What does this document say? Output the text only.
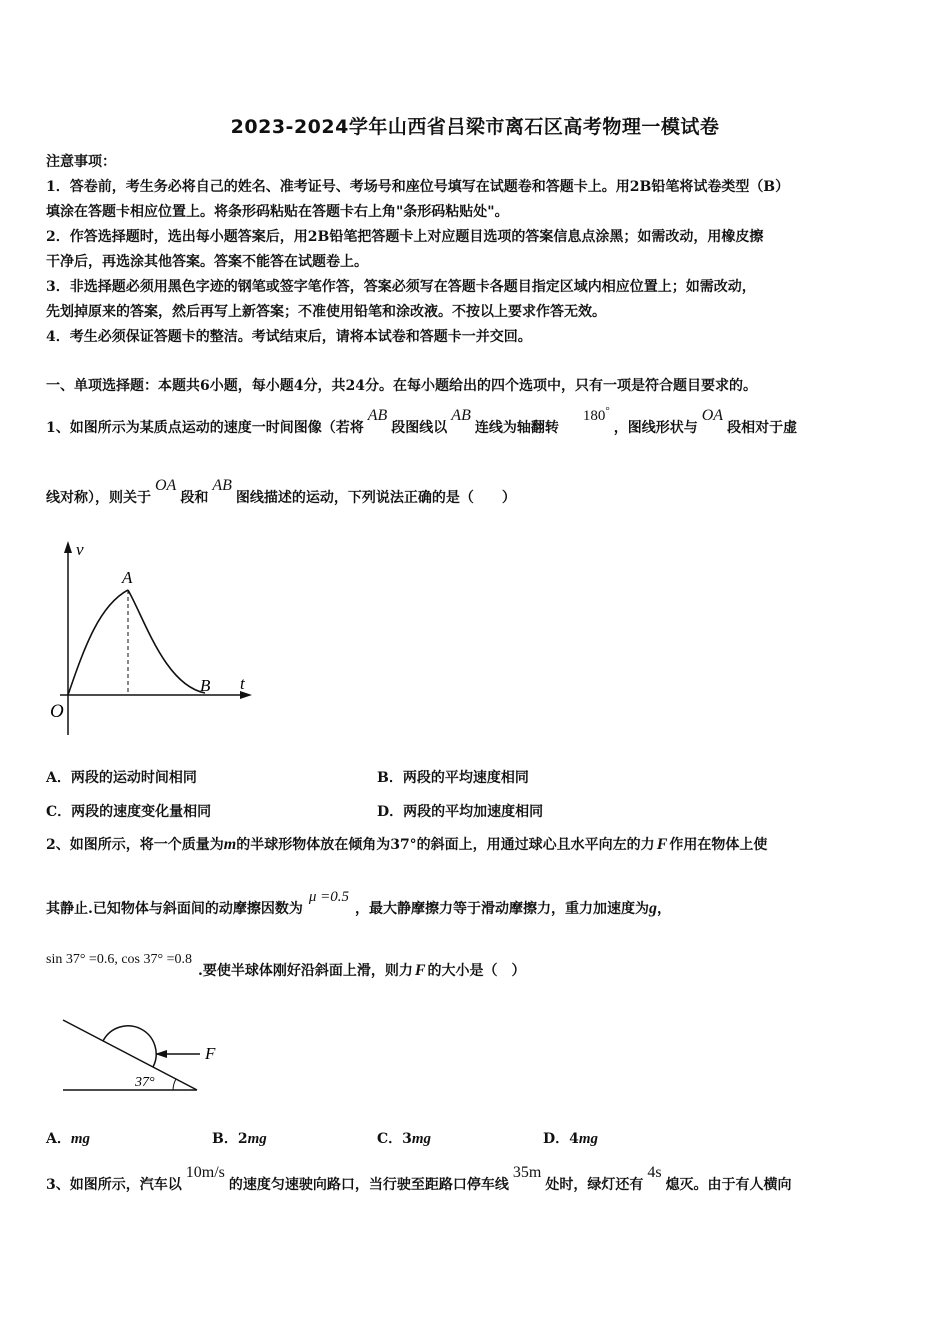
2023-2024学年山西省吕梁市离石区高考物理一模试卷
注意事项：
1．答卷前，考生务必将自己的姓名、准考证号、考场号和座位号填写在试题卷和答题卡上。用2B铅笔将试卷类型（B）
填涂在答题卡相应位置上。将条形码粘贴在答题卡右上角"条形码粘贴处"。
2．作答选择题时，选出每小题答案后，用2B铅笔把答题卡上对应题目选项的答案信息点涂黑；如需改动，用橡皮擦
干净后，再选涂其他答案。答案不能答在试题卷上。
3．非选择题必须用黑色字迹的钢笔或签字笔作答，答案必须写在答题卡各题目指定区域内相应位置上；如需改动，
先划掉原来的答案，然后再写上新答案；不准使用铅笔和涂改液。不按以上要求作答无效。
4．考生必须保证答题卡的整洁。考试结束后，请将本试卷和答题卡一并交回。
一、单项选择题：本题共6小题，每小题4分，共24分。在每小题给出的四个选项中，只有一项是符合题目要求的。
1、如图所示为某质点运动的速度一时间图像（若将AB段图线以AB连线为轴翻转180°，图线形状与OA段相对于虚
线对称），则关于OA段和AB图线描述的运动，下列说法正确的是（　　）
v
A
B t
O
A．两段的运动时间相同	B．两段的平均速度相同
C．两段的速度变化量相同	D．两段的平均加速度相同
2、如图所示，将一个质量为m的半球形物体放在倾角为37°的斜面上，用通过球心且水平向左的力 F 作用在物体上使
其静止.已知物体与斜面间的动摩擦因数为μ =0.5，最大静摩擦力等于滑动摩擦力，重力加速度为g，
sin 37° =0.6, cos 37° =0.8.要使半球体刚好沿斜面上滑，则力 F 的大小是（　）
F
37°
A．mg	B．2mg	C．3mg	D．4mg
3、如图所示，汽车以10m/s的速度匀速驶向路口，当行驶至距路口停车线35m处时，绿灯还有4s熄灭。由于有人横向
